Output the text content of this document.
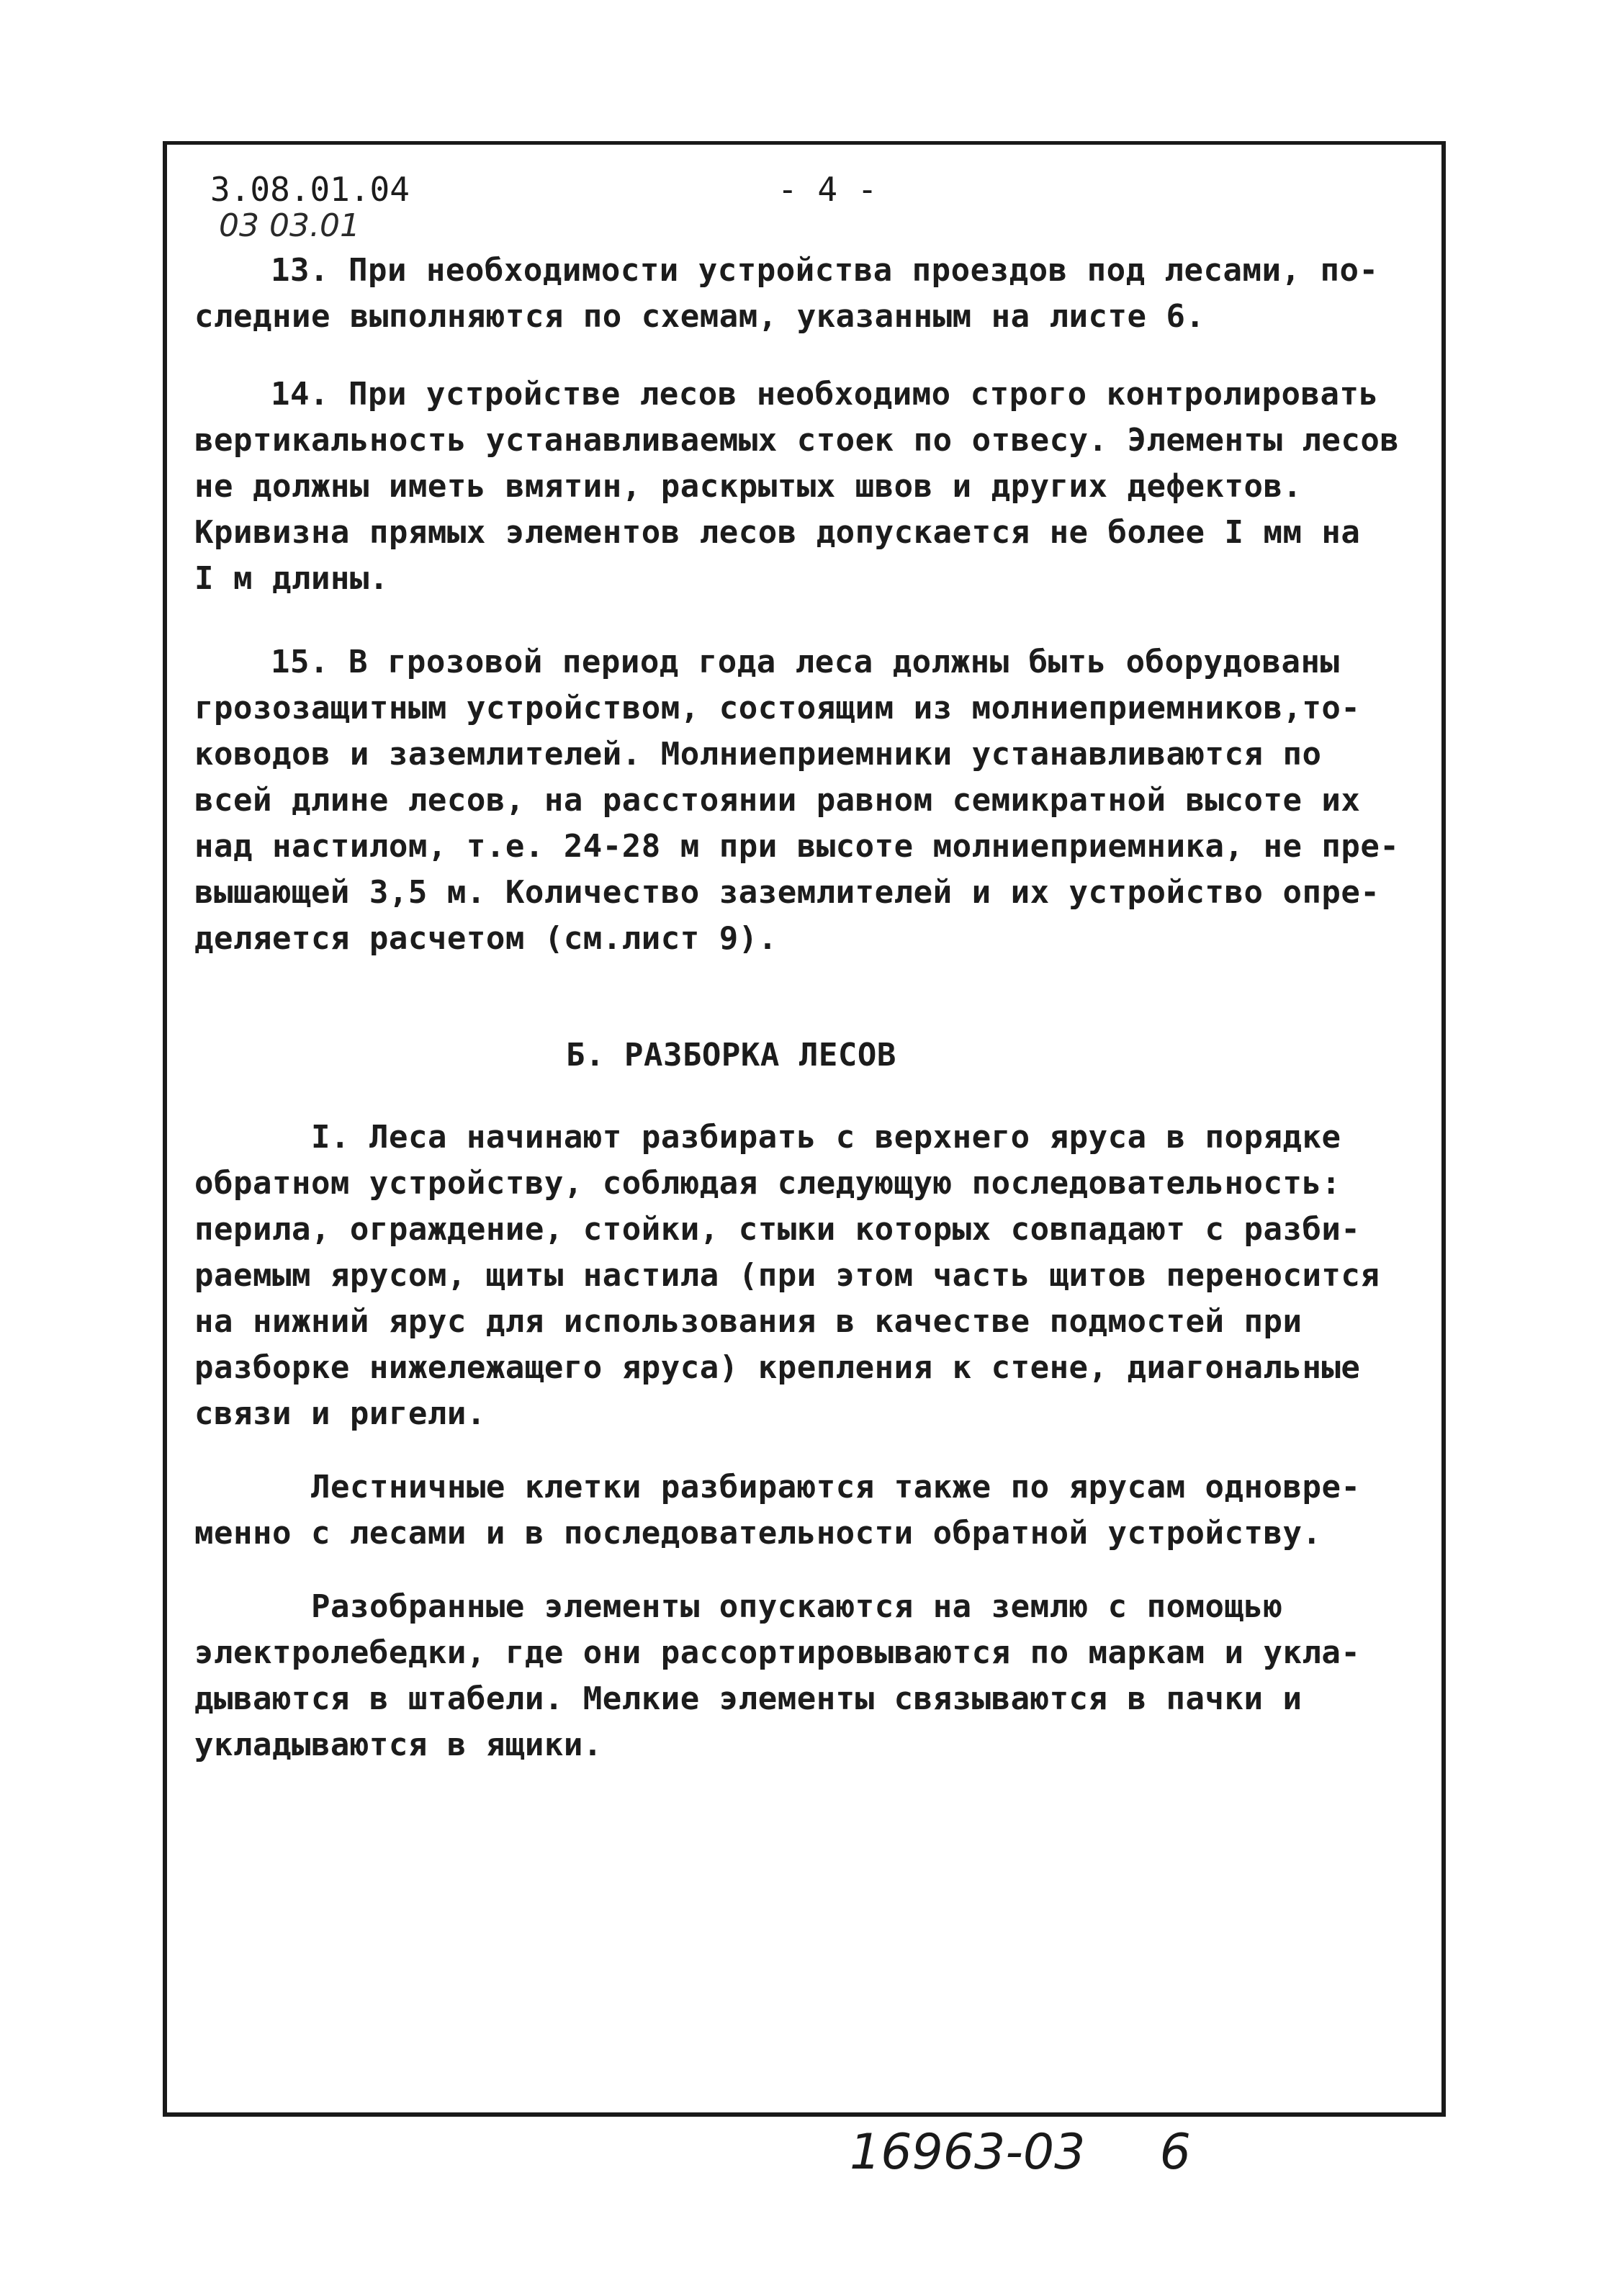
3.08.01.04
03 03.01
- 4 -
13. При необходимости устройства проездов под лесами, по-
следние выполняются по схемам, указанным на листе 6.
14. При устройстве лесов необходимо строго контролировать
вертикальность устанавливаемых стоек по отвесу. Элементы лесов
не должны иметь вмятин, раскрытых швов и других дефектов.
Кривизна прямых элементов лесов допускается не более I мм на
I м длины.
15. В грозовой период года леса должны быть оборудованы
грозозащитным устройством, состоящим из молниеприемников,то-
ководов и заземлителей. Молниеприемники устанавливаются по
всей длине лесов, на расстоянии равном семикратной высоте их
над настилом, т.е. 24-28 м при высоте молниеприемника, не пре-
вышающей 3,5 м. Количество заземлителей и их устройство опре-
деляется расчетом (см.лист 9).
Б. РАЗБОРКА ЛЕСОВ
I. Леса начинают разбирать с верхнего яруса в порядке
обратном устройству, соблюдая следующую последовательность:
перила, ограждение, стойки, стыки которых совпадают с разби-
раемым ярусом, щиты настила (при этом часть щитов переносится
на нижний ярус для использования в качестве подмостей при
разборке нижележащего яруса) крепления к стене, диагональные
связи и ригели.
Лестничные клетки разбираются также по ярусам одновре-
менно с лесами и в последовательности обратной устройству.
Разобранные элементы опускаются на землю с помощью
электролебедки, где они рассортировываются по маркам и укла-
дываются в штабели. Мелкие элементы связываются в пачки и
укладываются в ящики.
16963-03 6
